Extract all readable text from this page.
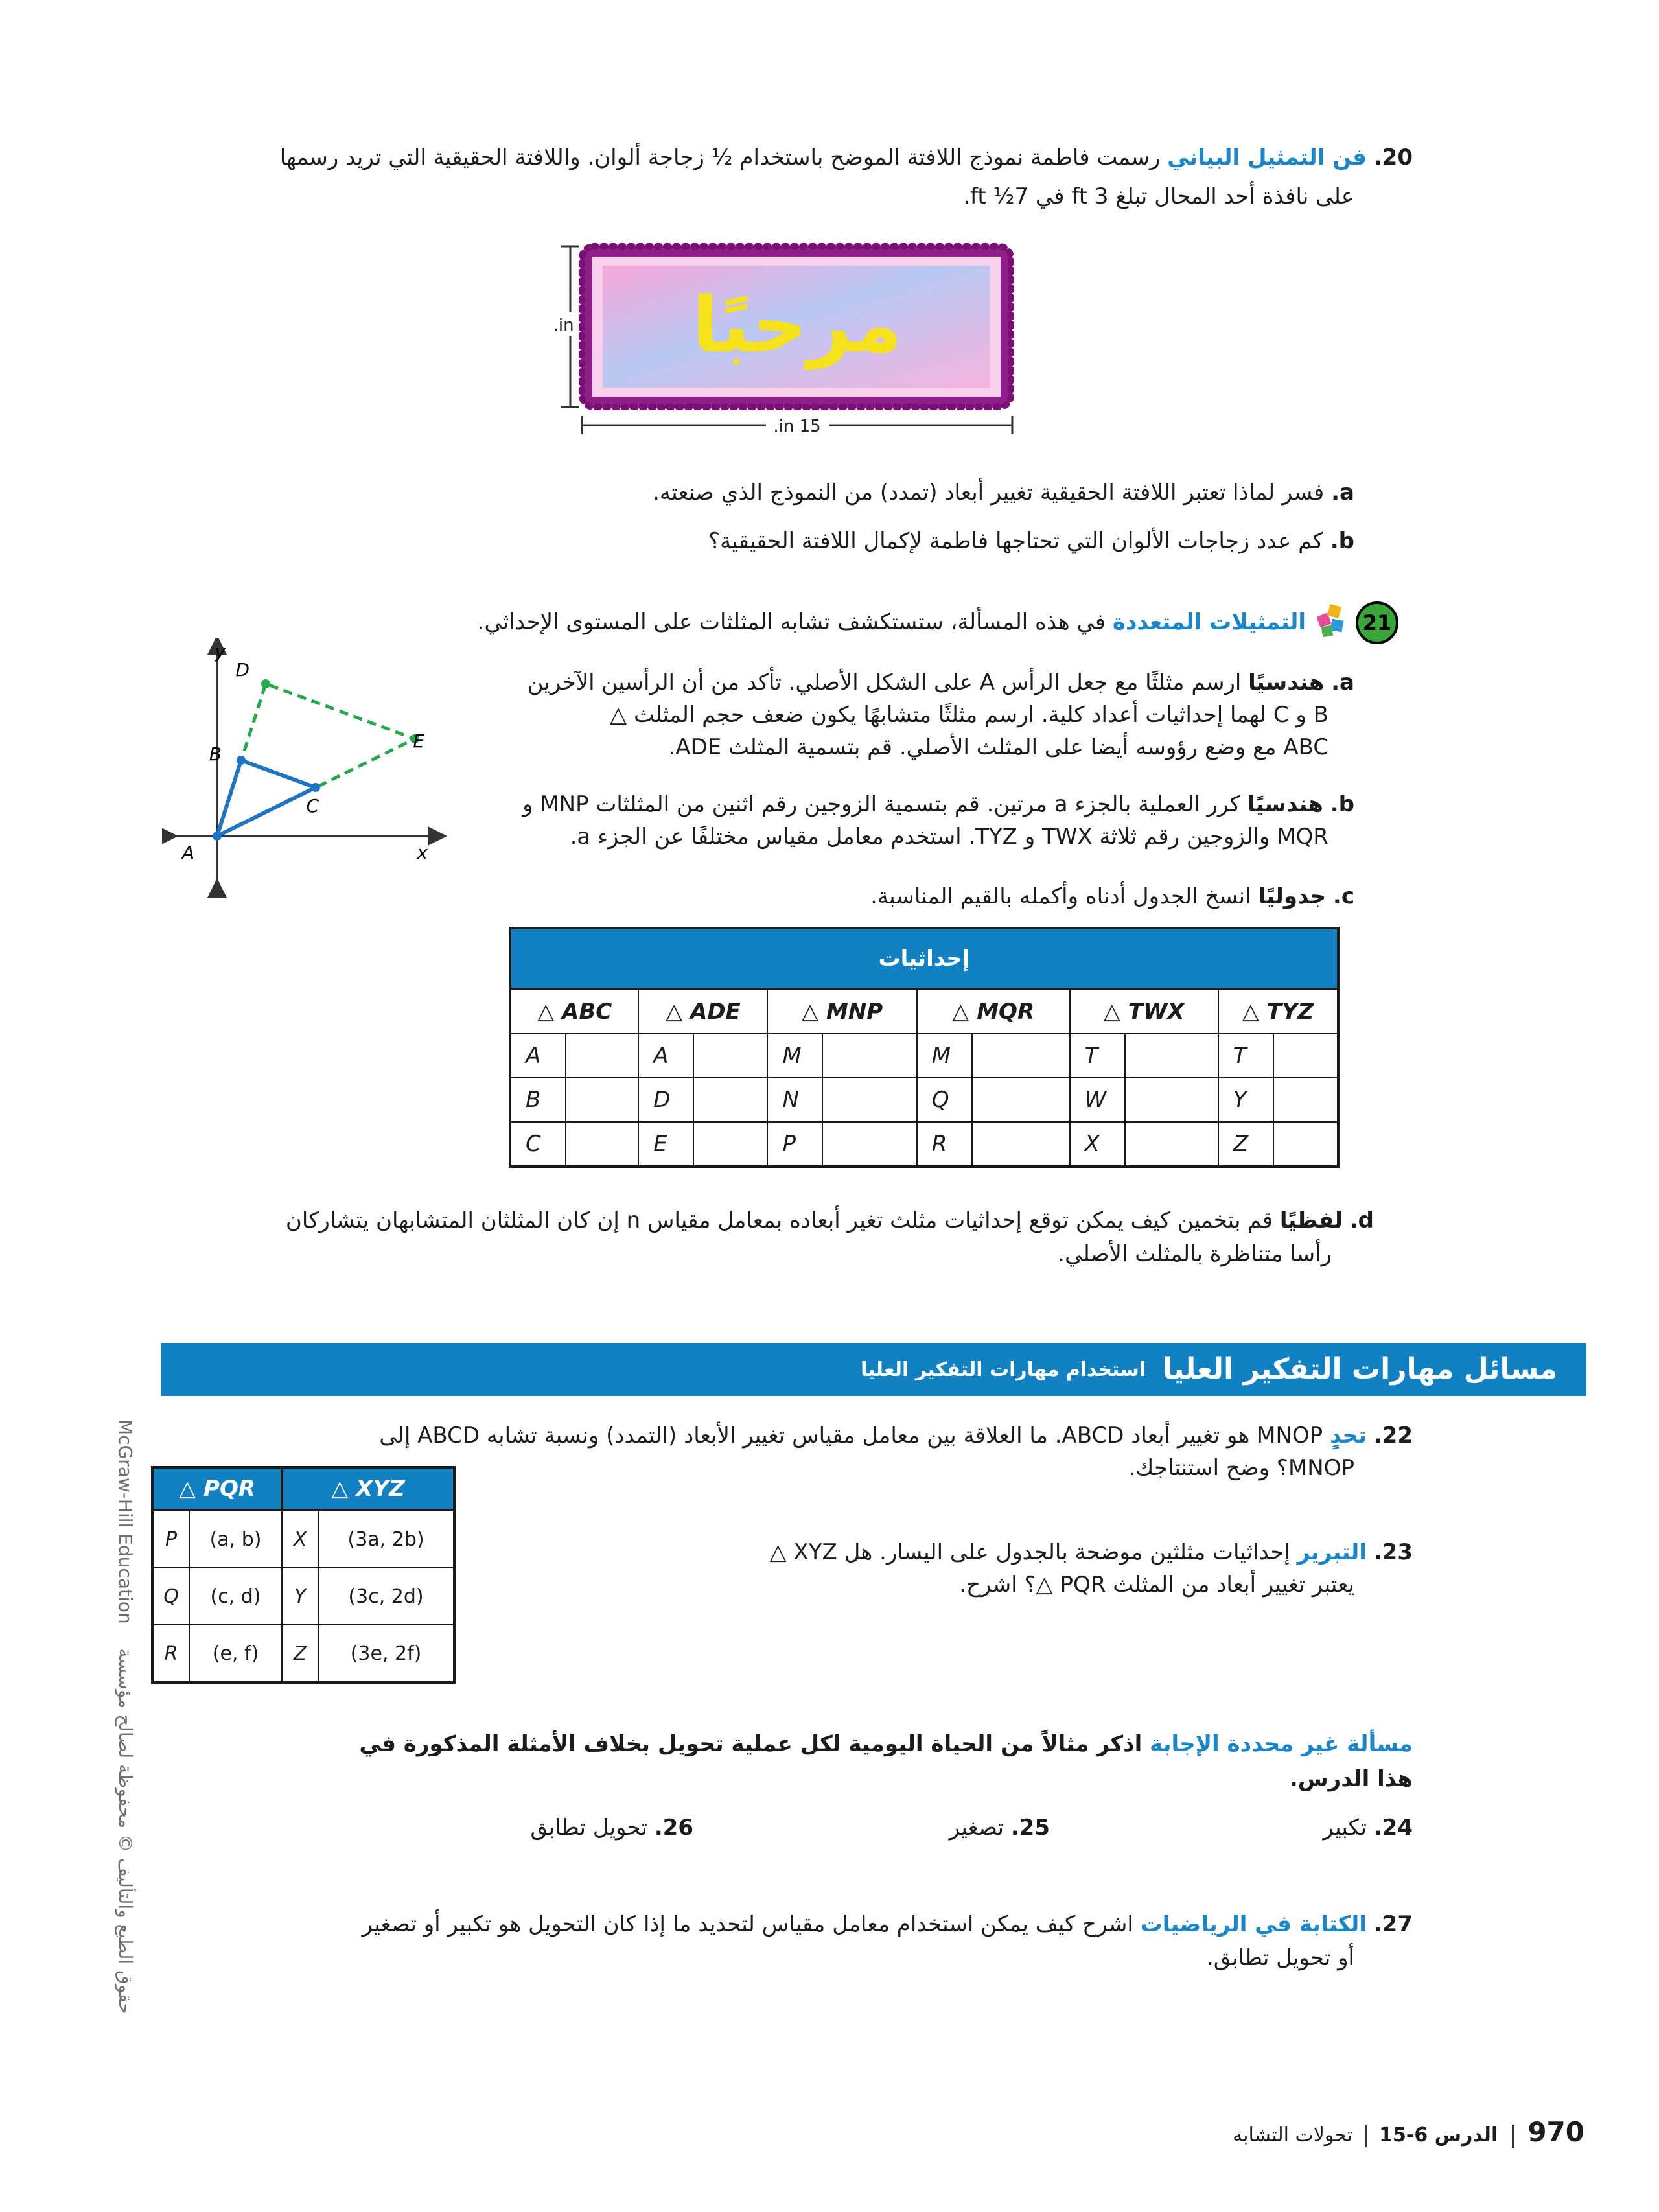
20. فن التمثيل البياني رسمت فاطمة نموذج اللافتة الموضح باستخدام ½ زجاجة ألوان. واللافتة الحقيقية التي تريد رسمها
على نافذة أحد المحال تبلغ 3 ft في 7½ ft.
in. مرحبًا
15 in.
a. فسر لماذا تعتبر اللافتة الحقيقية تغيير أبعاد (تمدد) من النموذج الذي صنعته.
b. كم عدد زجاجات الألوان التي تحتاجها فاطمة لإكمال اللافتة الحقيقية؟
21
التمثيلات المتعددة في هذه المسألة، ستستكشف تشابه المثلثات على المستوى الإحداثي.
a. هندسيًا ارسم مثلثًا مع جعل الرأس A على الشكل الأصلي. تأكد من أن الرأسين الآخرين
B و C لهما إحداثيات أعداد كلية. ارسم مثلثًا متشابهًا يكون ضعف حجم المثلث △
ABC مع وضع رؤوسه أيضا على المثلث الأصلي. قم بتسمية المثلث ADE.
b. هندسيًا كرر العملية بالجزء a مرتين. قم بتسمية الزوجين رقم اثنين من المثلثات MNP و
MQR والزوجين رقم ثلاثة TWX و TYZ. استخدم معامل مقياس مختلفًا عن الجزء a.
c. جدوليًا انسخ الجدول أدناه وأكمله بالقيم المناسبة.
y
x
A
B
C
D
E
إحداثيات											
△ ABC		△ ADE		△ MNP		△ MQR		△ TWX		△ TYZ	
A		A		M		M		T		T	
B		D		N		Q		W		Y	
C		E		P		R		X		Z	
d. لفظيًا قم بتخمين كيف يمكن توقع إحداثيات مثلث تغير أبعاده بمعامل مقياس n إن كان المثلثان المتشابهان يتشاركان
رأسا متناظرة بالمثلث الأصلي.
مسائل مهارات التفكير العليا
استخدام مهارات التفكير العليا
22. تحدٍ MNOP هو تغيير أبعاد ABCD. ما العلاقة بين معامل مقياس تغيير الأبعاد (التمدد) ونسبة تشابه ABCD إلى
MNOP؟ وضح استنتاجك.
23. التبرير إحداثيات مثلثين موضحة بالجدول على اليسار. هل XYZ △
يعتبر تغيير أبعاد من المثلث PQR △؟ اشرح.
△ PQR		△ XYZ	
P	(a, b)	X	(3a, 2b)
Q	(c, d)	Y	(3c, 2d)
R	(e, f)	Z	(3e, 2f)
مسألة غير محددة الإجابة اذكر مثالاً من الحياة اليومية لكل عملية تحويل بخلاف الأمثلة المذكورة في
هذا الدرس.
24. تكبير
25. تصغير
26. تحويل تطابق
27. الكتابة في الرياضيات اشرح كيف يمكن استخدام معامل مقياس لتحديد ما إذا كان التحويل هو تكبير أو تصغير
أو تحويل تطابق.
McGraw-Hill Education  حقوق الطبع والتأليف © محفوظة لصالح مؤسسة
970  الدرس 6-15  تحولات التشابه
